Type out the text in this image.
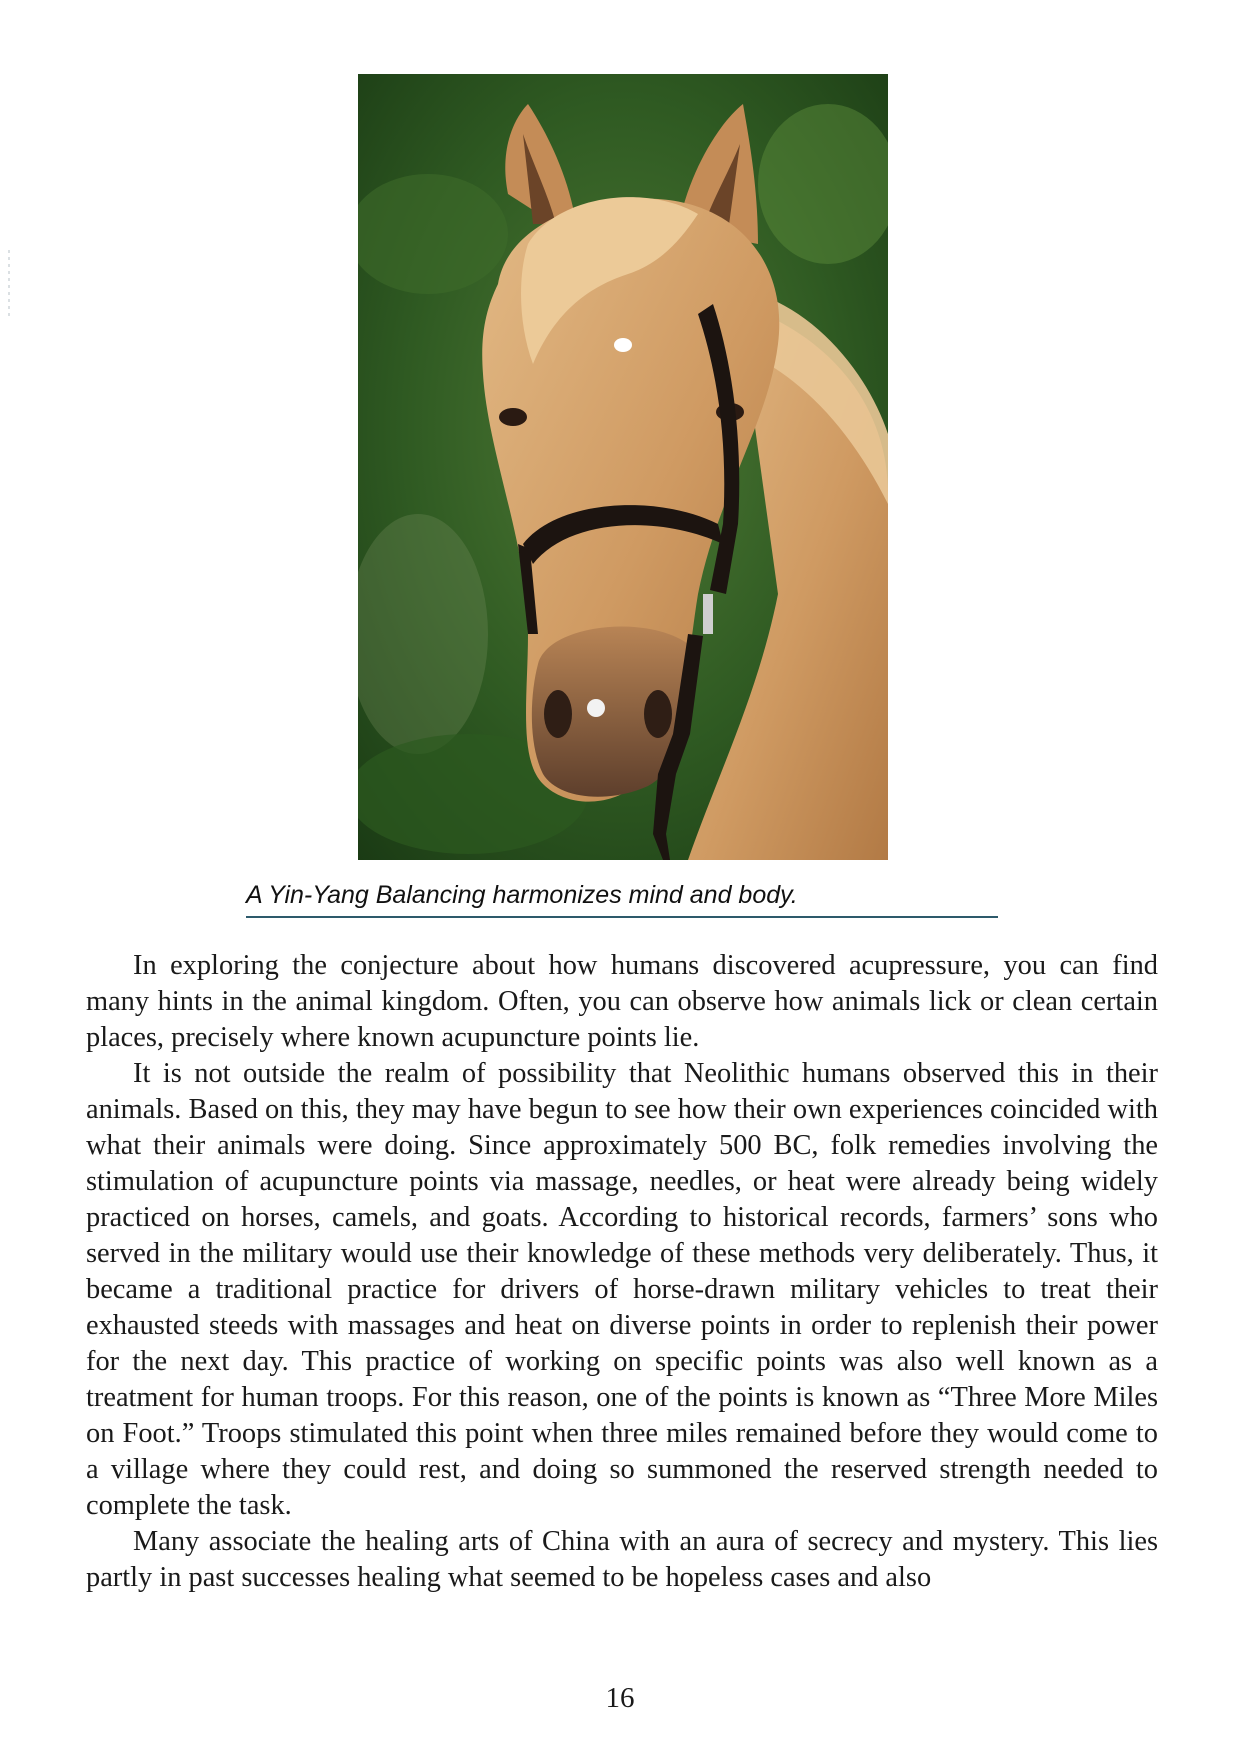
A Yin-Yang Balancing harmonizes mind and body.

In exploring the conjecture about how humans discovered acupressure, you can find many hints in the animal kingdom. Often, you can observe how animals lick or clean certain places, precisely where known acupuncture points lie.

It is not outside the realm of possibility that Neolithic humans observed this in their animals. Based on this, they may have begun to see how their own experiences coincided with what their animals were doing. Since approximately 500 BC, folk remedies involving the stimulation of acupuncture points via massage, needles, or heat were already being widely practiced on horses, camels, and goats. According to historical records, farmers’ sons who served in the military would use their knowledge of these methods very deliberately. Thus, it became a traditional practice for drivers of horse-drawn military vehicles to treat their exhausted steeds with massages and heat on diverse points in order to replenish their power for the next day. This practice of working on specific points was also well known as a treatment for human troops. For this reason, one of the points is known as “Three More Miles on Foot.” Troops stimulated this point when three miles remained before they would come to a village where they could rest, and doing so summoned the reserved strength needed to complete the task.

Many associate the healing arts of China with an aura of secrecy and mystery. This lies partly in past successes healing what seemed to be hopeless cases and also

16
